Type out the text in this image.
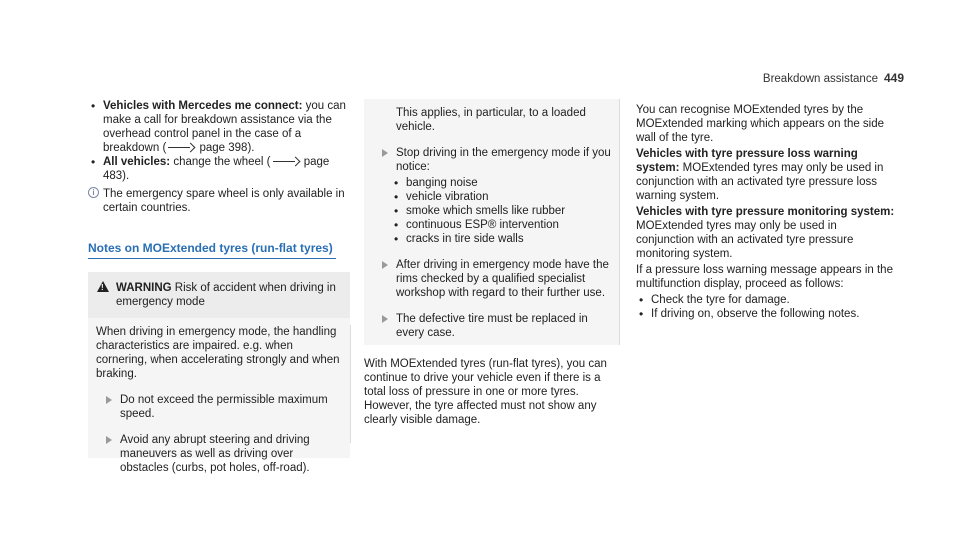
Breakdown assistance 449
• Vehicles with Mercedes me connect: you can make a call for breakdown assistance via the overhead control panel in the case of a breakdown (	page 398).
• All vehicles: change the wheel (	page 483).
i The emergency spare wheel is only available in certain countries.
Notes on MOExtended tyres (run-flat tyres)
!
WARNING Risk of accident when driving in emergency mode
When driving in emergency mode, the handling characteristics are impaired. e.g. when cornering, when accelerating strongly and when braking.
Do not exceed the permissible maximum speed.
Avoid any abrupt steering and driving maneuvers as well as driving over obstacles (curbs, pot holes, off-road).
This applies, in particular, to a loaded vehicle.
Stop driving in the emergency mode if you notice:
• banging noise
• vehicle vibration
• smoke which smells like rubber
• continuous ESP® intervention
• cracks in tire side walls
After driving in emergency mode have the rims checked by a qualified specialist workshop with regard to their further use.
The defective tire must be replaced in every case.
With MOExtended tyres (run-flat tyres), you can continue to drive your vehicle even if there is a total loss of pressure in one or more tyres. However, the tyre affected must not show any clearly visible damage.

You can recognise MOExtended tyres by the MOExtended marking which appears on the side wall of the tyre.

Vehicles with tyre pressure loss warning system: MOExtended tyres may only be used in conjunction with an activated tyre pressure loss warning system.

Vehicles with tyre pressure monitoring system: MOExtended tyres may only be used in conjunction with an activated tyre pressure monitoring system.

If a pressure loss warning message appears in the multifunction display, proceed as follows:

• Check the tyre for damage.
• If driving on, observe the following notes.
